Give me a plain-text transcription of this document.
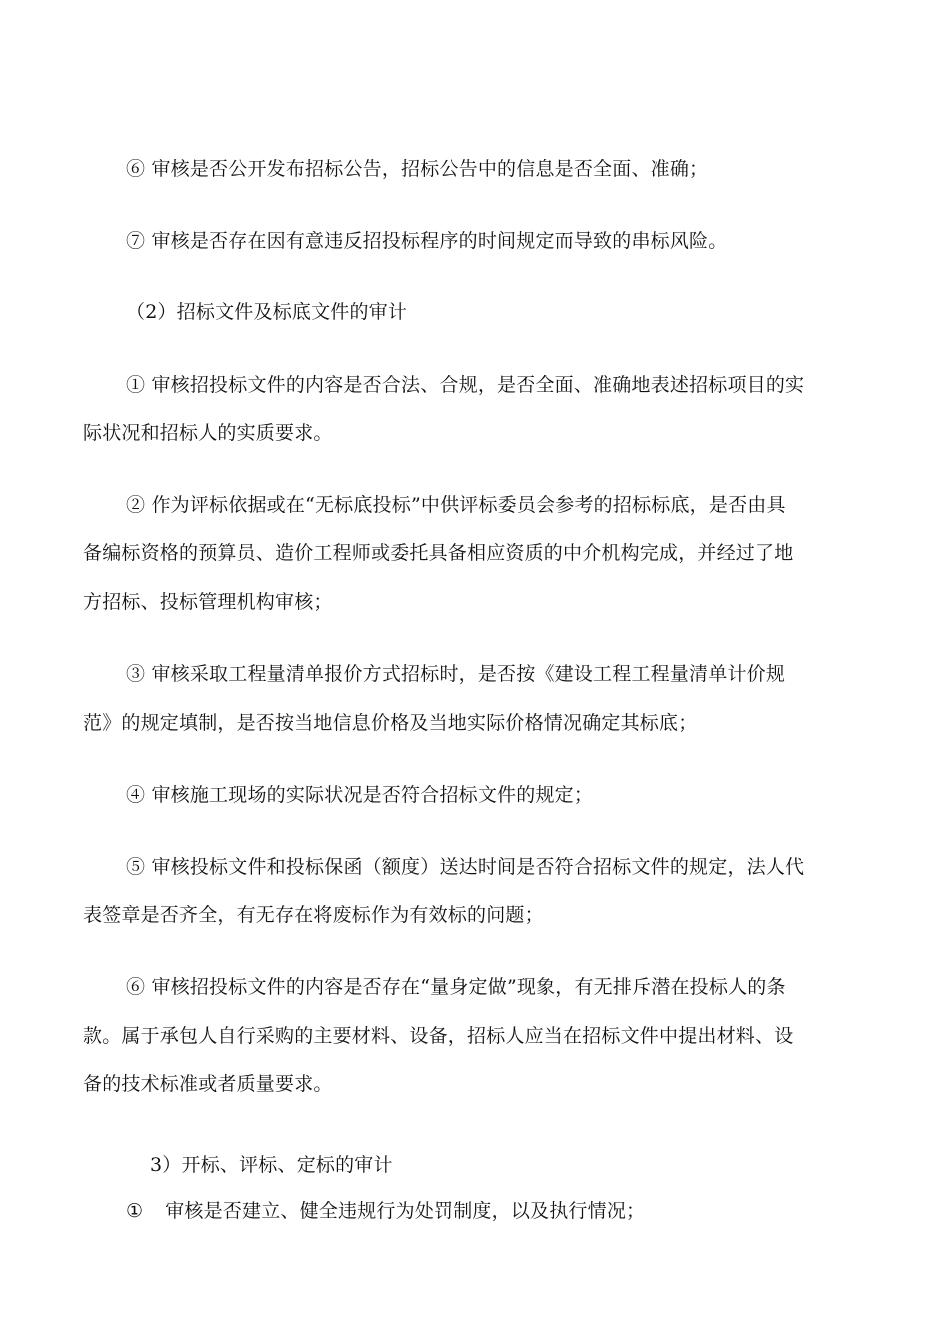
⑥ 审核是否公开发布招标公告，招标公告中的信息是否全面、准确；
⑦ 审核是否存在因有意违反招投标程序的时间规定而导致的串标风险。
（2）招标文件及标底文件的审计
① 审核招投标文件的内容是否合法、合规，是否全面、准确地表述招标项目的实
际状况和招标人的实质要求。
② 作为评标依据或在“无标底投标”中供评标委员会参考的招标标底，是否由具
备编标资格的预算员、造价工程师或委托具备相应资质的中介机构完成，并经过了地
方招标、投标管理机构审核；
③ 审核采取工程量清单报价方式招标时，是否按《建设工程工程量清单计价规
范》的规定填制，是否按当地信息价格及当地实际价格情况确定其标底；
④ 审核施工现场的实际状况是否符合招标文件的规定；
⑤ 审核投标文件和投标保函（额度）送达时间是否符合招标文件的规定，法人代
表签章是否齐全，有无存在将废标作为有效标的问题；
⑥ 审核招投标文件的内容是否存在“量身定做”现象，有无排斥潜在投标人的条
款。属于承包人自行采购的主要材料、设备，招标人应当在招标文件中提出材料、设
备的技术标准或者质量要求。
3）开标、评标、定标的审计
① 审核是否建立、健全违规行为处罚制度，以及执行情况；
